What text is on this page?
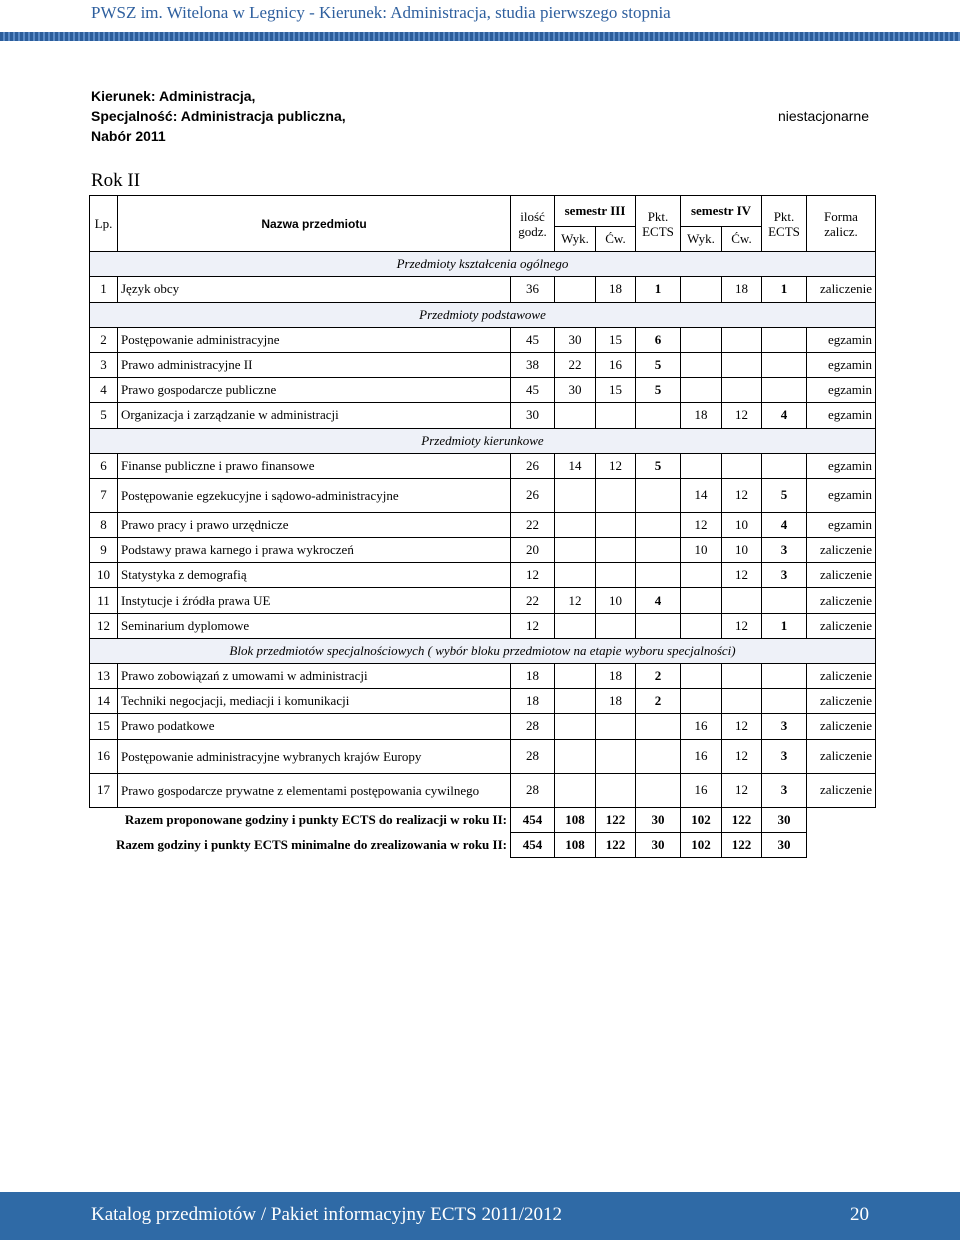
PWSZ im. Witelona w Legnicy - Kierunek: Administracja, studia pierwszego stopnia
Kierunek: Administracja,
Specjalność: Administracja publiczna,
Nabór 2011
niestacjonarne
Rok II
Lp.	Nazwa przedmiotu	ilość godz.	semestr III		Pkt. ECTS	semestr IV		Pkt. ECTS	Forma zalicz.
			Wyk.	Ćw.		Wyk.	Ćw.		
Przedmioty kształcenia ogólnego									
1	Język obcy	36		18	1		18	1	zaliczenie
Przedmioty podstawowe									
2	Postępowanie administracyjne	45	30	15	6				egzamin
3	Prawo administracyjne II	38	22	16	5				egzamin
4	Prawo gospodarcze publiczne	45	30	15	5				egzamin
5	Organizacja i zarządzanie w administracji	30				18	12	4	egzamin
Przedmioty kierunkowe									
6	Finanse publiczne i prawo finansowe	26	14	12	5				egzamin
7	Postępowanie egzekucyjne i sądowo-administracyjne	26				14	12	5	egzamin
8	Prawo pracy i prawo urzędnicze	22				12	10	4	egzamin
9	Podstawy prawa karnego i prawa wykroczeń	20				10	10	3	zaliczenie
10	Statystyka z demografią	12					12	3	zaliczenie
11	Instytucje i źródła prawa UE	22	12	10	4				zaliczenie
12	Seminarium dyplomowe	12					12	1	zaliczenie
Blok przedmiotów specjalnościowych ( wybór bloku przedmiotow na etapie wyboru specjalności)									
13	Prawo zobowiązań z umowami w administracji	18		18	2				zaliczenie
14	Techniki negocjacji, mediacji i komunikacji	18		18	2				zaliczenie
15	Prawo podatkowe	28				16	12	3	zaliczenie
16	Postępowanie administracyjne wybranych krajów Europy	28				16	12	3	zaliczenie
17	Prawo gospodarcze prywatne z elementami postępowania cywilnego	28				16	12	3	zaliczenie
Razem proponowane godziny i punkty ECTS do realizacji w roku II:		454	108	122	30	102	122	30	
Razem godziny i punkty ECTS minimalne do zrealizowania w roku II:		454	108	122	30	102	122	30	
Katalog przedmiotów / Pakiet informacyjny ECTS 2011/2012	20
